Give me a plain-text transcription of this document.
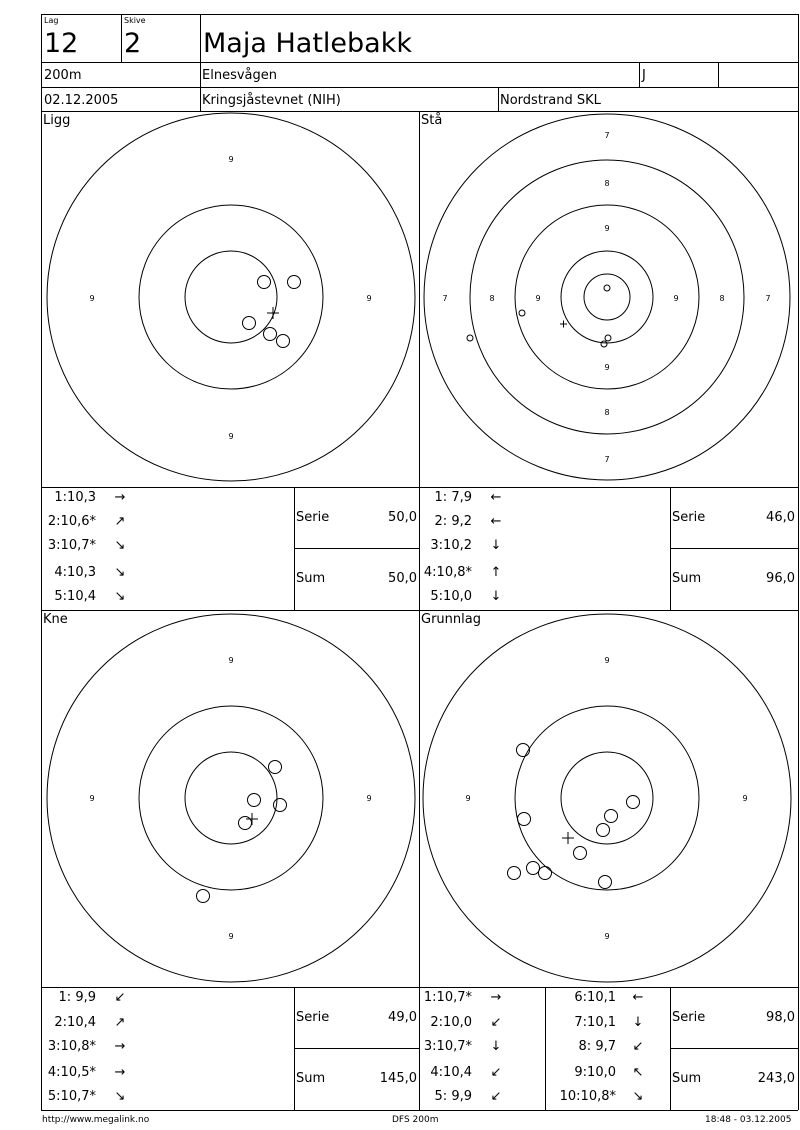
Lag
12
Skive
2 Maja Hatlebakk
200m	Elnesvågen	J
02.12.2005	Kringsjåstevnet (NIH)	Nordstrand SKL
Ligg	Stå
Kne	Grunnlag
9
9	9
9
7
8
9
9
8
7
7	8	9	9	8	7
9
9	9
9
9
9	9
9
1:10,3 →
2:10,6* ↗
3:10,7* ↘
4:10,3 ↘
5:10,4 ↘
Serie	50,0
Sum	50,0
1: 7,9 ←
2: 9,2 ←
3:10,2 ↓
4:10,8* ↑
5:10,0 ↓
Serie	46,0
Sum	96,0
1: 9,9 ↙
2:10,4 ↗
3:10,8* →
4:10,5* →
5:10,7* ↘
Serie	49,0
Sum	145,0
1:10,7* →
2:10,0 ↙
3:10,7* ↓
4:10,4 ↙
5: 9,9 ↙
6:10,1 ←
7:10,1 ↓
8: 9,7 ↙
9:10,0 ↖
10:10,8* ↘
Serie	98,0
Sum	243,0
http://www.megalink.no	DFS 200m	18:48 - 03.12.2005
